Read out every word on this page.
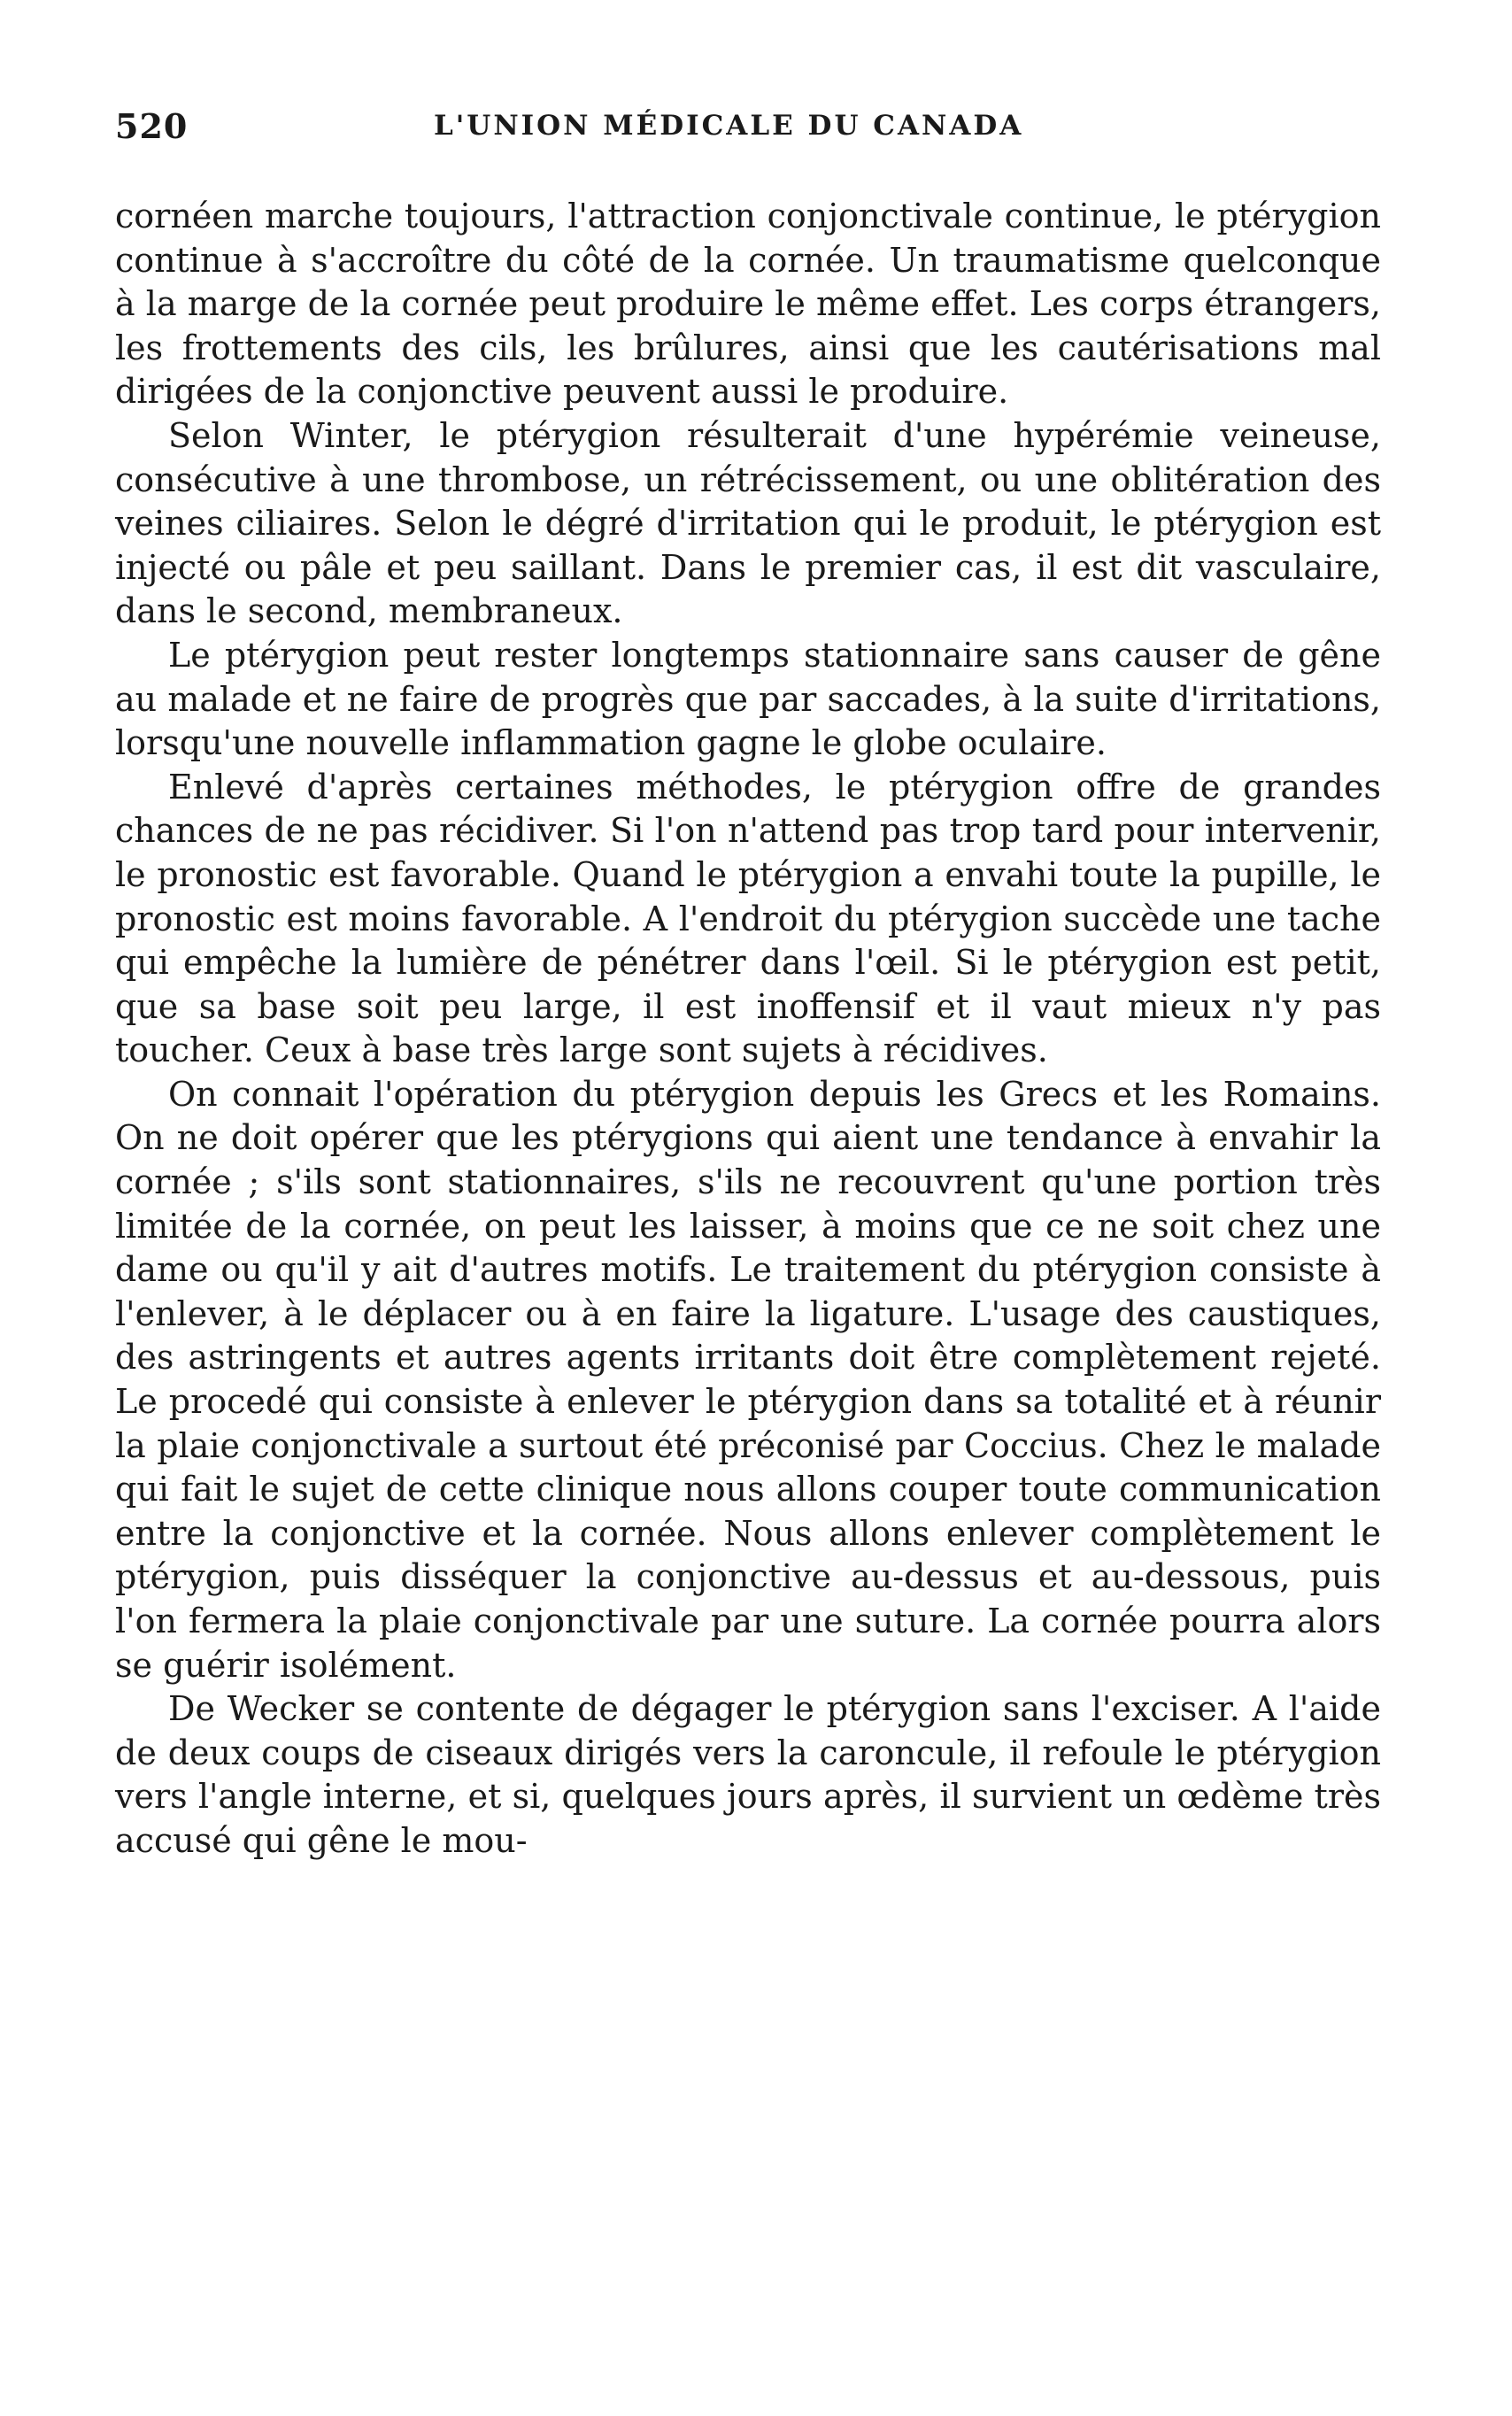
520	L'UNION MÉDICALE DU CANADA

cornéen marche toujours, l'attraction conjonctivale continue, le ptérygion continue à s'accroître du côté de la cornée. Un traumatisme quelconque à la marge de la cornée peut produire le même effet. Les corps étrangers, les frottements des cils, les brûlures, ainsi que les cautérisations mal dirigées de la conjonctive peuvent aussi le produire.

Selon Winter, le ptérygion résulterait d'une hypérémie veineuse, consécutive à une thrombose, un rétrécissement, ou une oblitération des veines ciliaires. Selon le dégré d'irritation qui le produit, le ptérygion est injecté ou pâle et peu saillant. Dans le premier cas, il est dit vasculaire, dans le second, membraneux.

Le ptérygion peut rester longtemps stationnaire sans causer de gêne au malade et ne faire de progrès que par saccades, à la suite d'irritations, lorsqu'une nouvelle inflammation gagne le globe oculaire.

Enlevé d'après certaines méthodes, le ptérygion offre de grandes chances de ne pas récidiver. Si l'on n'attend pas trop tard pour intervenir, le pronostic est favorable. Quand le ptérygion a envahi toute la pupille, le pronostic est moins favorable. A l'endroit du ptérygion succède une tache qui empêche la lumière de pénétrer dans l'œil. Si le ptérygion est petit, que sa base soit peu large, il est inoffensif et il vaut mieux n'y pas toucher. Ceux à base très large sont sujets à récidives.

On connait l'opération du ptérygion depuis les Grecs et les Romains. On ne doit opérer que les ptérygions qui aient une tendance à envahir la cornée ; s'ils sont stationnaires, s'ils ne recouvrent qu'une portion très limitée de la cornée, on peut les laisser, à moins que ce ne soit chez une dame ou qu'il y ait d'autres motifs. Le traitement du ptérygion consiste à l'enlever, à le déplacer ou à en faire la ligature. L'usage des caustiques, des astringents et autres agents irritants doit être complètement rejeté. Le procedé qui consiste à enlever le ptérygion dans sa totalité et à réunir la plaie conjonctivale a surtout été préconisé par Coccius. Chez le malade qui fait le sujet de cette clinique nous allons couper toute communication entre la conjonctive et la cornée. Nous allons enlever complètement le ptérygion, puis disséquer la conjonctive au-dessus et au-dessous, puis l'on fermera la plaie conjonctivale par une suture. La cornée pourra alors se guérir isolément.

De Wecker se contente de dégager le ptérygion sans l'exciser. A l'aide de deux coups de ciseaux dirigés vers la caroncule, il refoule le ptérygion vers l'angle interne, et si, quelques jours après, il survient un œdème très accusé qui gêne le mou-
